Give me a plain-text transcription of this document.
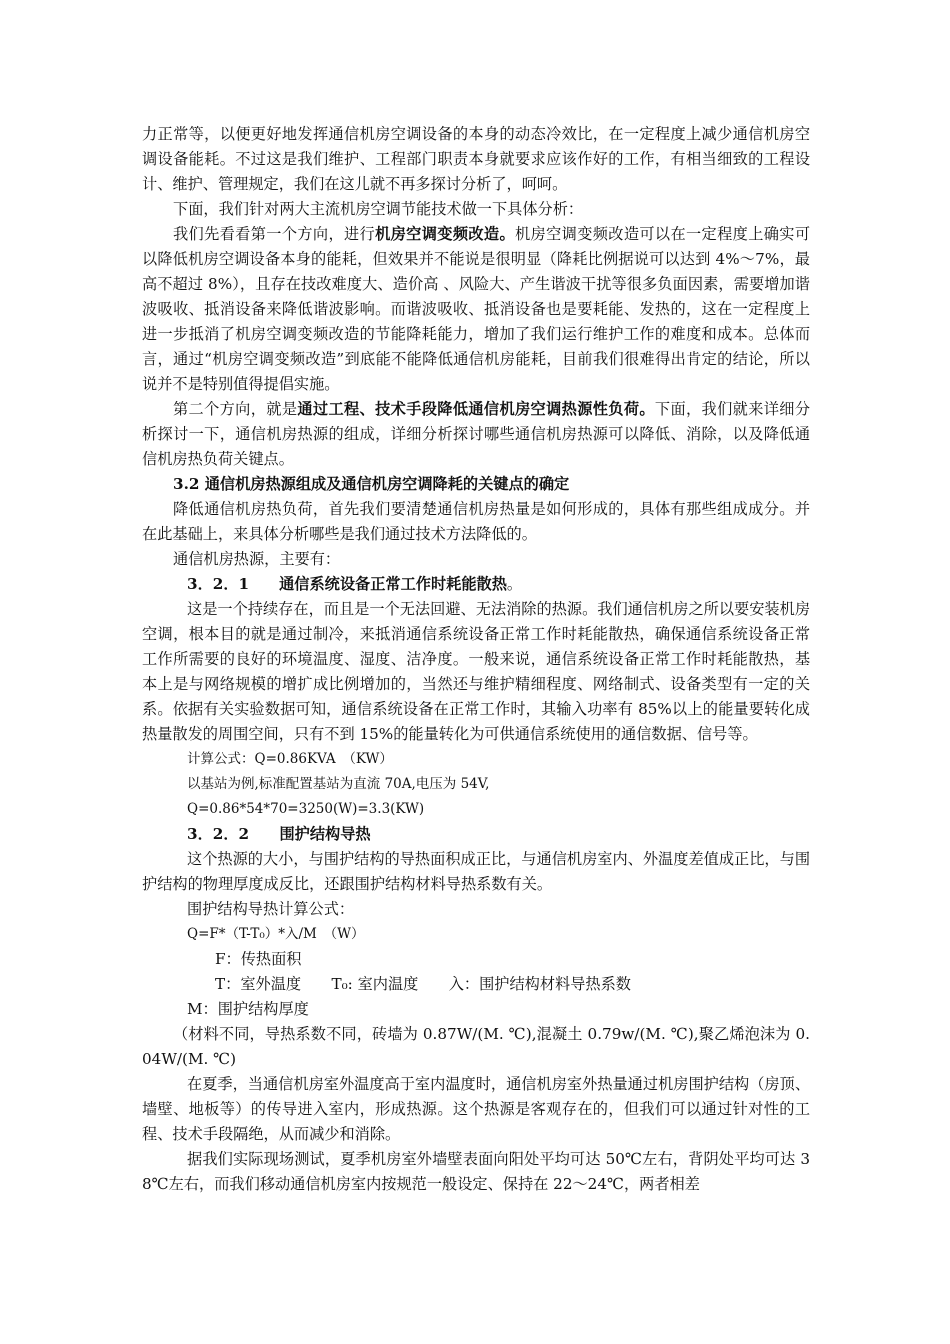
力正常等，以便更好地发挥通信机房空调设备的本身的动态冷效比，在一定程度上减少通信机房空调设备能耗。不过这是我们维护、工程部门职责本身就要求应该作好的工作，有相当细致的工程设计、维护、管理规定，我们在这儿就不再多探讨分析了，呵呵。

下面，我们针对两大主流机房空调节能技术做一下具体分析：

我们先看看第一个方向，进行机房空调变频改造。机房空调变频改造可以在一定程度上确实可以降低机房空调设备本身的能耗，但效果并不能说是很明显（降耗比例据说可以达到 4%～7%，最高不超过 8%），且存在技改难度大、造价高 、风险大、产生谐波干扰等很多负面因素，需要增加谐波吸收、抵消设备来降低谐波影响。而谐波吸收、抵消设备也是要耗能、发热的，这在一定程度上进一步抵消了机房空调变频改造的节能降耗能力，增加了我们运行维护工作的难度和成本。总体而言，通过“机房空调变频改造”到底能不能降低通信机房能耗，目前我们很难得出肯定的结论，所以说并不是特别值得提倡实施。

第二个方向，就是通过工程、技术手段降低通信机房空调热源性负荷。下面，我们就来详细分析探讨一下，通信机房热源的组成，详细分析探讨哪些通信机房热源可以降低、消除，以及降低通信机房热负荷关键点。

3.2 通信机房热源组成及通信机房空调降耗的关键点的确定

降低通信机房热负荷，首先我们要清楚通信机房热量是如何形成的，具体有那些组成成分。并在此基础上，来具体分析哪些是我们通过技术方法降低的。

通信机房热源，主要有：

3．2．1 通信系统设备正常工作时耗能散热。

这是一个持续存在，而且是一个无法回避、无法消除的热源。我们通信机房之所以要安装机房空调，根本目的就是通过制冷，来抵消通信系统设备正常工作时耗能散热，确保通信系统设备正常工作所需要的良好的环境温度、湿度、洁净度。一般来说，通信系统设备正常工作时耗能散热，基本上是与网络规模的增扩成比例增加的，当然还与维护精细程度、网络制式、设备类型有一定的关系。依据有关实验数据可知，通信系统设备在正常工作时，其输入功率有 85%以上的能量要转化成热量散发的周围空间，只有不到 15%的能量转化为可供通信系统使用的通信数据、信号等。

计算公式：Q=0.86KVA　（KW）

以基站为例,标准配置基站为直流 70A,电压为 54V,

Q=0.86*54*70=3250(W)=3.3(KW)

3．2．2　　围护结构导热

这个热源的大小，与围护结构的导热面积成正比，与通信机房室内、外温度差值成正比，与围护结构的物理厚度成反比，还跟围护结构材料导热系数有关。

围护结构导热计算公式：

Q=F*（T-T₀）*入/M　（W）

F：传热面积

T：室外温度　　T₀: 室内温度　　入：围护结构材料导热系数

M：围护结构厚度

（材料不同，导热系数不同，砖墙为 0.87W/(M. ℃),混凝土 0.79w/(M. ℃),聚乙烯泡沫为 0.04W/(M. ℃)

在夏季，当通信机房室外温度高于室内温度时，通信机房室外热量通过机房围护结构（房顶、墙壁、地板等）的传导进入室内，形成热源。这个热源是客观存在的，但我们可以通过针对性的工程、技术手段隔绝，从而减少和消除。

据我们实际现场测试，夏季机房室外墙壁表面向阳处平均可达 50℃左右，背阴处平均可达 38℃左右，而我们移动通信机房室内按规范一般设定、保持在 22～24℃，两者相差
